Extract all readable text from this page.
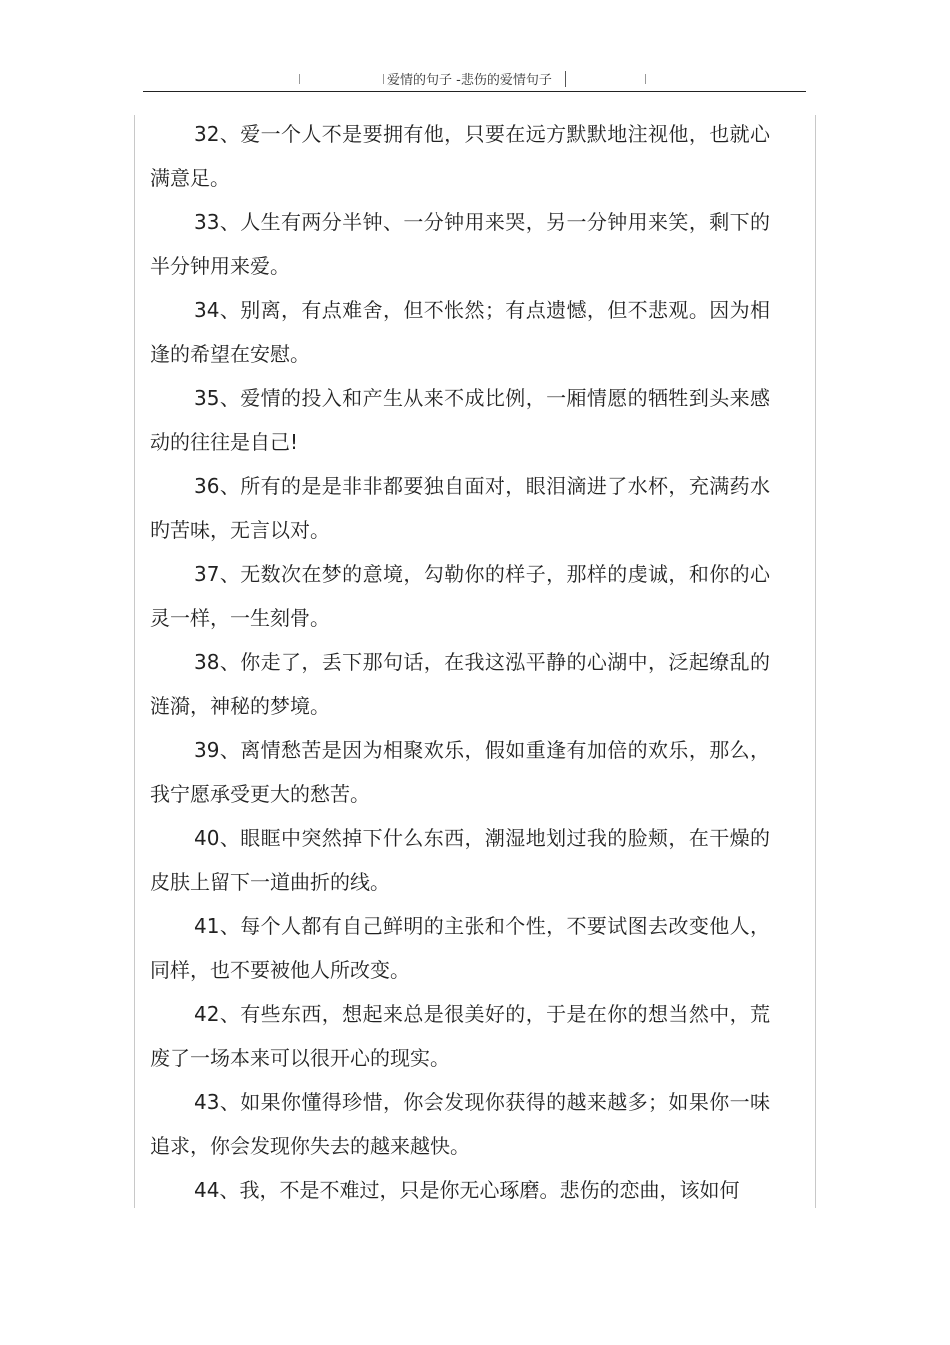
爱情的句子 -悲伤的爱情句子

32、爱一个人不是要拥有他，只要在远方默默地注视他，也就心满意足。

33、人生有两分半钟、一分钟用来哭，另一分钟用来笑，剩下的半分钟用来爱。

34、别离，有点难舍，但不怅然；有点遗憾，但不悲观。因为相逢的希望在安慰。

35、爱情的投入和产生从来不成比例，一厢情愿的牺牲到头来感动的往往是自己!

36、所有的是是非非都要独自面对，眼泪滴进了水杯，充满药水旳苦味，无言以对。

37、无数次在梦的意境，勾勒你的样子，那样的虔诚，和你的心灵一样，一生刻骨。

38、你走了，丢下那句话，在我这泓平静的心湖中，泛起缭乱的涟漪，神秘的梦境。

39、离情愁苦是因为相聚欢乐，假如重逢有加倍的欢乐，那么，我宁愿承受更大的愁苦。

40、眼眶中突然掉下什么东西，潮湿地划过我的脸颊，在干燥的皮肤上留下一道曲折的线。

41、每个人都有自己鲜明的主张和个性，不要试图去改变他人，同样，也不要被他人所改变。

42、有些东西，想起来总是很美好的，于是在你的想当然中，荒废了一场本来可以很开心的现实。

43、如果你懂得珍惜，你会发现你获得的越来越多；如果你一味追求，你会发现你失去的越来越快。

44、我，不是不难过，只是你无心琢磨。悲伤的恋曲，该如何
